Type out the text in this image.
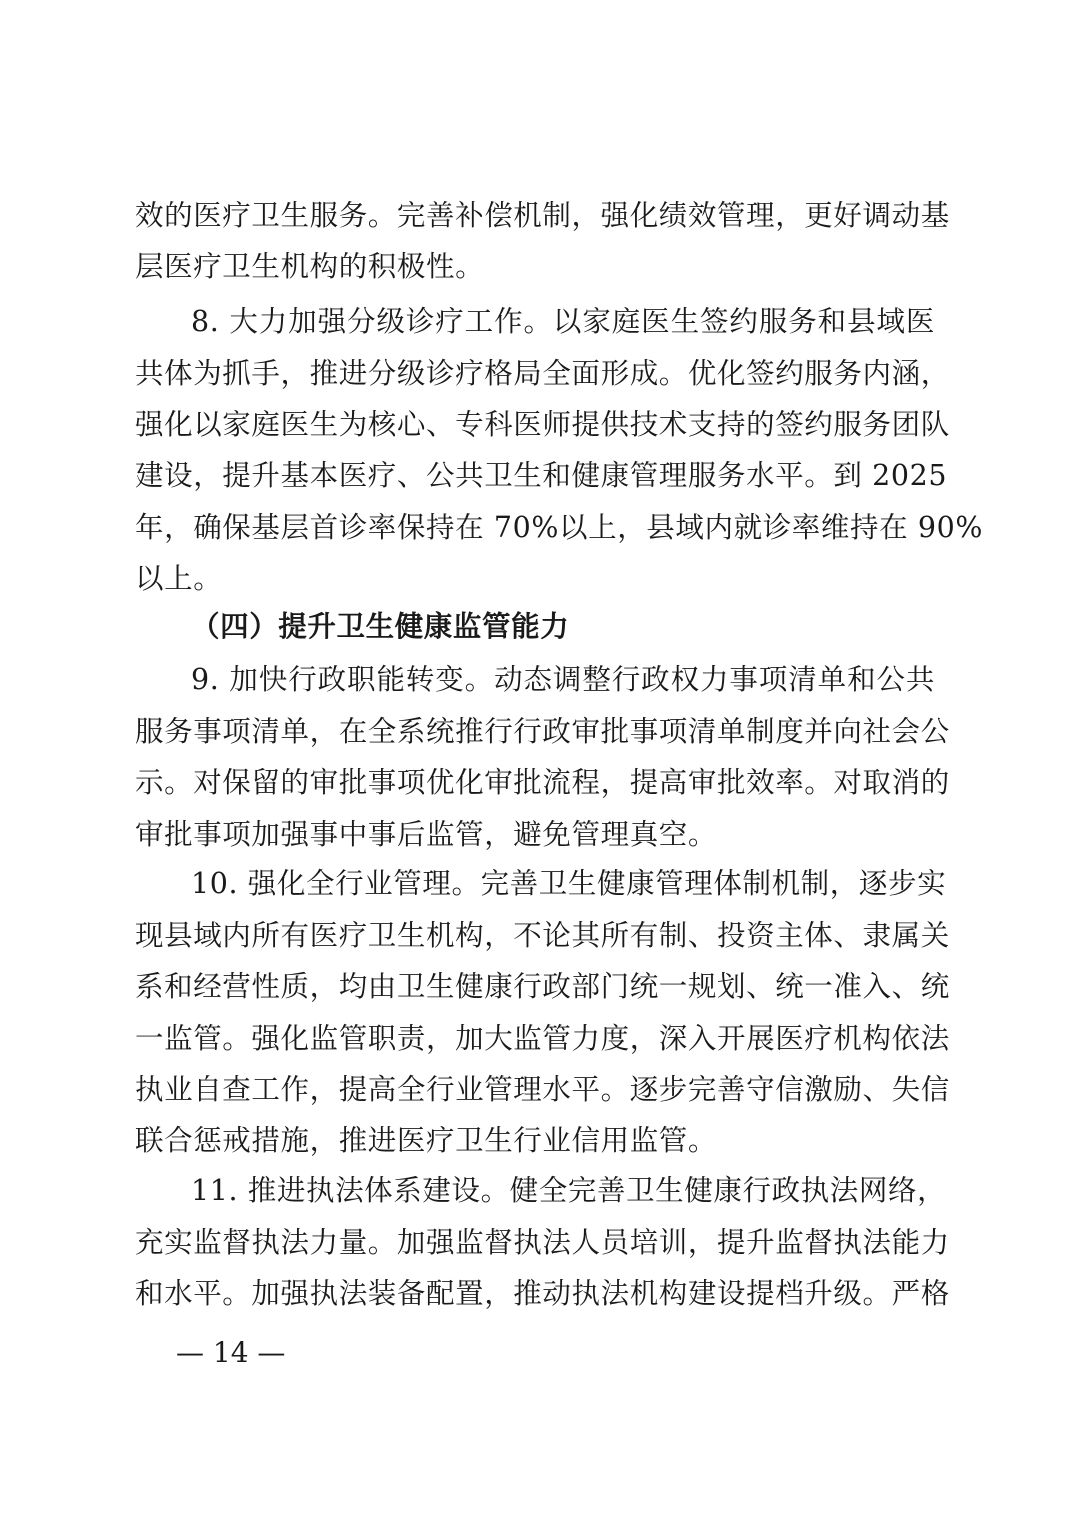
效的医疗卫生服务。完善补偿机制，强化绩效管理，更好调动基
层医疗卫生机构的积极性。
8. 大力加强分级诊疗工作。以家庭医生签约服务和县域医
共体为抓手，推进分级诊疗格局全面形成。优化签约服务内涵，
强化以家庭医生为核心、专科医师提供技术支持的签约服务团队
建设，提升基本医疗、公共卫生和健康管理服务水平。到 2025
年，确保基层首诊率保持在 70%以上，县域内就诊率维持在 90%
以上。
（四）提升卫生健康监管能力
9. 加快行政职能转变。动态调整行政权力事项清单和公共
服务事项清单，在全系统推行行政审批事项清单制度并向社会公
示。对保留的审批事项优化审批流程，提高审批效率。对取消的
审批事项加强事中事后监管，避免管理真空。
10. 强化全行业管理。完善卫生健康管理体制机制，逐步实
现县域内所有医疗卫生机构，不论其所有制、投资主体、隶属关
系和经营性质，均由卫生健康行政部门统一规划、统一准入、统
一监管。强化监管职责，加大监管力度，深入开展医疗机构依法
执业自查工作，提高全行业管理水平。逐步完善守信激励、失信
联合惩戒措施，推进医疗卫生行业信用监管。
11. 推进执法体系建设。健全完善卫生健康行政执法网络，
充实监督执法力量。加强监督执法人员培训，提升监督执法能力
和水平。加强执法装备配置，推动执法机构建设提档升级。严格
— 14 —
